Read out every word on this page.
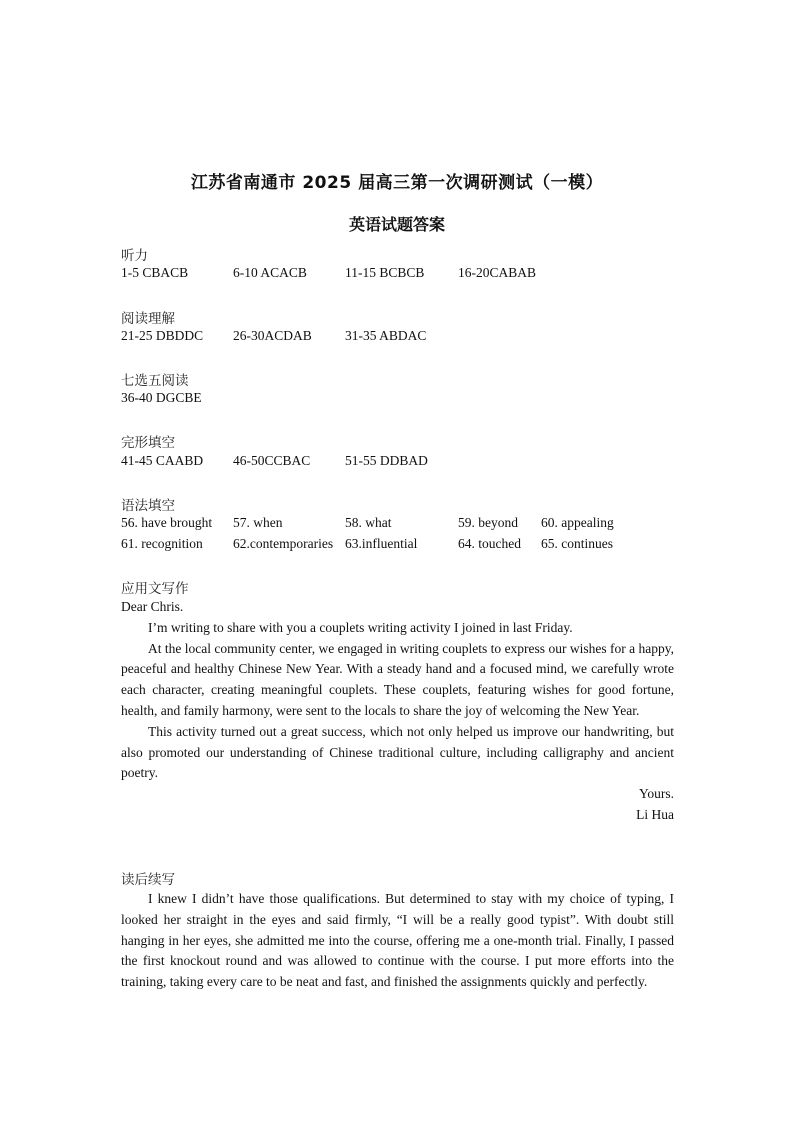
江苏省南通市 2025 届高三第一次调研测试（一模）
英语试题答案
听力
1-5 CBACB	6-10 ACACB	11-15 BCBCB 16-20CABAB
阅读理解
21-25 DBDDC 26-30ACDAB 31-35 ABDAC
七选五阅读
36-40 DGCBE
完形填空
41-45 CAABD 46-50CCBAC	51-55 DDBAD
语法填空
56. have brought 57. when	58. what	59. beyond 60. appealing
61. recognition 62.contemporaries 63.influential	64. touched 65. continues
应用文写作

Dear Chris.

I’m writing to share with you a couplets writing activity I joined in last Friday.

At the local community center, we engaged in writing couplets to express our wishes for a happy, peaceful and healthy Chinese New Year. With a steady hand and a focused mind, we carefully wrote each character, creating meaningful couplets. These couplets, featuring wishes for good fortune, health, and family harmony, were sent to the locals to share the joy of welcoming the New Year.

This activity turned out a great success, which not only helped us improve our handwriting, but also promoted our understanding of Chinese traditional culture, including calligraphy and ancient poetry.

Yours.

Li Hua

读后续写

I knew I didn’t have those qualifications. But determined to stay with my choice of typing, I looked her straight in the eyes and said firmly, “I will be a really good typist”. With doubt still hanging in her eyes, she admitted me into the course, offering me a one-month trial. Finally, I passed the first knockout round and was allowed to continue with the course. I put more efforts into the training, taking every care to be neat and fast, and finished the assignments quickly and perfectly.
